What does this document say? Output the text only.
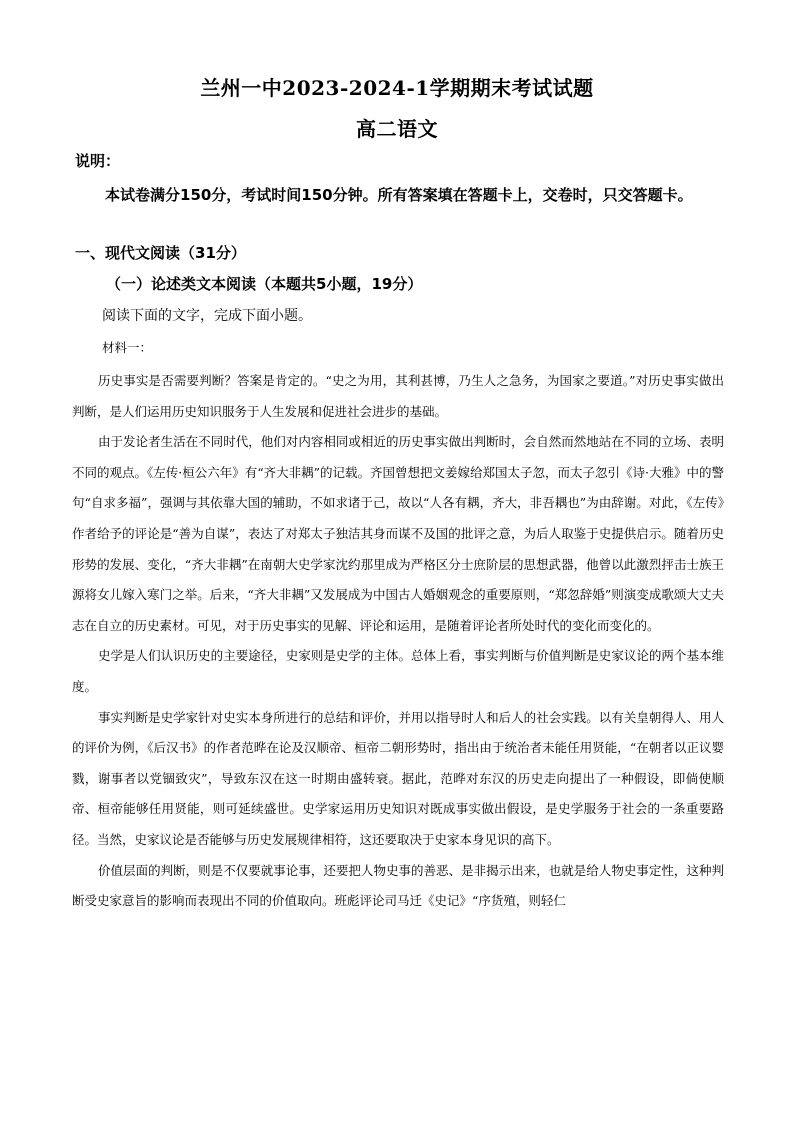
兰州一中2023-2024-1学期期末考试试题
高二语文

说明：

本试卷满分150分，考试时间150分钟。所有答案填在答题卡上，交卷时，只交答题卡。

一、现代文阅读（31分）

（一）论述类文本阅读（本题共5小题，19分）

阅读下面的文字，完成下面小题。

材料一：

历史事实是否需要判断？答案是肯定的。“史之为用，其利甚博，乃生人之急务，为国家之要道。”对历史事实做出判断，是人们运用历史知识服务于人生发展和促进社会进步的基础。

由于发论者生活在不同时代，他们对内容相同或相近的历史事实做出判断时，会自然而然地站在不同的立场、表明不同的观点。《左传·桓公六年》有“齐大非耦”的记载。齐国曾想把文姜嫁给郑国太子忽，而太子忽引《诗·大雅》中的警句“自求多福”，强调与其依靠大国的辅助，不如求诸于己，故以“人各有耦，齐大，非吾耦也”为由辞谢。对此，《左传》作者给予的评论是“善为自谋”，表达了对郑太子独洁其身而谋不及国的批评之意，为后人取鉴于史提供启示。随着历史形势的发展、变化，“齐大非耦”在南朝大史学家沈约那里成为严格区分士庶阶层的思想武器，他曾以此激烈抨击士族王源将女儿嫁入寒门之举。后来，“齐大非耦”又发展成为中国古人婚姻观念的重要原则，“郑忽辞婚”则演变成歌颂大丈夫志在自立的历史素材。可见，对于历史事实的见解、评论和运用，是随着评论者所处时代的变化而变化的。

史学是人们认识历史的主要途径，史家则是史学的主体。总体上看，事实判断与价值判断是史家议论的两个基本维度。

事实判断是史学家针对史实本身所进行的总结和评价，并用以指导时人和后人的社会实践。以有关皇朝得人、用人的评价为例，《后汉书》的作者范晔在论及汉顺帝、桓帝二朝形势时，指出由于统治者未能任用贤能，“在朝者以正议婴戮，谢事者以党锢致灾”，导致东汉在这一时期由盛转衰。据此，范晔对东汉的历史走向提出了一种假设，即倘使顺帝、桓帝能够任用贤能，则可延续盛世。史学家运用历史知识对既成事实做出假设，是史学服务于社会的一条重要路径。当然，史家议论是否能够与历史发展规律相符，这还要取决于史家本身见识的高下。

价值层面的判断，则是不仅要就事论事，还要把人物史事的善恶、是非揭示出来，也就是给人物史事定性，这种判断受史家意旨的影响而表现出不同的价值取向。班彪评论司马迁《史记》“序货殖，则轻仁
